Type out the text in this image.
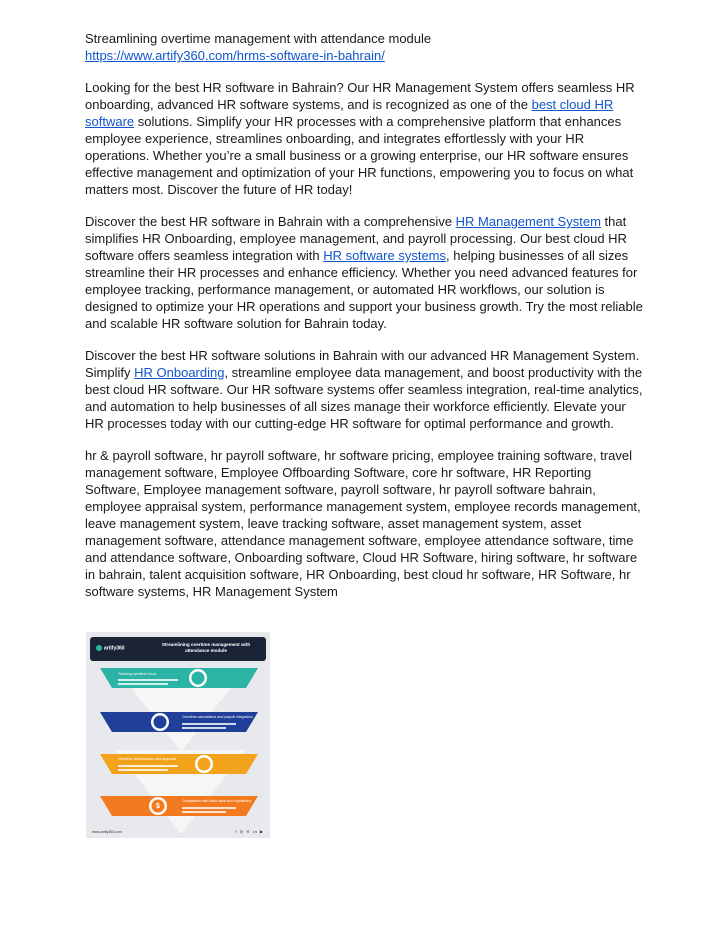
Streamlining overtime management with attendance module

https://www.artify360.com/hrms-software-in-bahrain/

Looking for the best HR software in Bahrain? Our HR Management System offers seamless HR onboarding, advanced HR software systems, and is recognized as one of the best cloud HR software solutions. Simplify your HR processes with a comprehensive platform that enhances employee experience, streamlines onboarding, and integrates effortlessly with your HR operations. Whether you’re a small business or a growing enterprise, our HR software ensures effective management and optimization of your HR functions, empowering you to focus on what matters most. Discover the future of HR today!

Discover the best HR software in Bahrain with a comprehensive HR Management System that simplifies HR Onboarding, employee management, and payroll processing. Our best cloud HR software offers seamless integration with HR software systems, helping businesses of all sizes streamline their HR processes and enhance efficiency. Whether you need advanced features for employee tracking, performance management, or automated HR workflows, our solution is designed to optimize your HR operations and support your business growth. Try the most reliable and scalable HR software solution for Bahrain today.

Discover the best HR software solutions in Bahrain with our advanced HR Management System. Simplify HR Onboarding, streamline employee data management, and boost productivity with the best cloud HR software. Our HR software systems offer seamless integration, real-time analytics, and automation to help businesses of all sizes manage their workforce efficiently. Elevate your HR processes today with our cutting-edge HR software for optimal performance and growth.

hr & payroll software, hr payroll software, hr software pricing, employee training software, travel management software, Employee Offboarding Software, core hr software, HR Reporting Software, Employee management software, payroll software, hr payroll software bahrain, employee appraisal system, performance management system, employee records management, leave management system, leave tracking software, asset management system, asset management software, attendance management software, employee attendance software, time and attendance software, Onboarding software, Cloud HR Software, hiring software, hr software in bahrain, talent acquisition software, HR Onboarding, best cloud hr software, HR Software, hr software systems, HR Management System

Tracking overtime hours
Overtime calculations and payroll integration
Overtime authorization and approval
Compliance with labor laws and regulations
$
artify360
Streamlining overtime management with attendance module
www.artify360.com	f ◎ ✕ in ▶
